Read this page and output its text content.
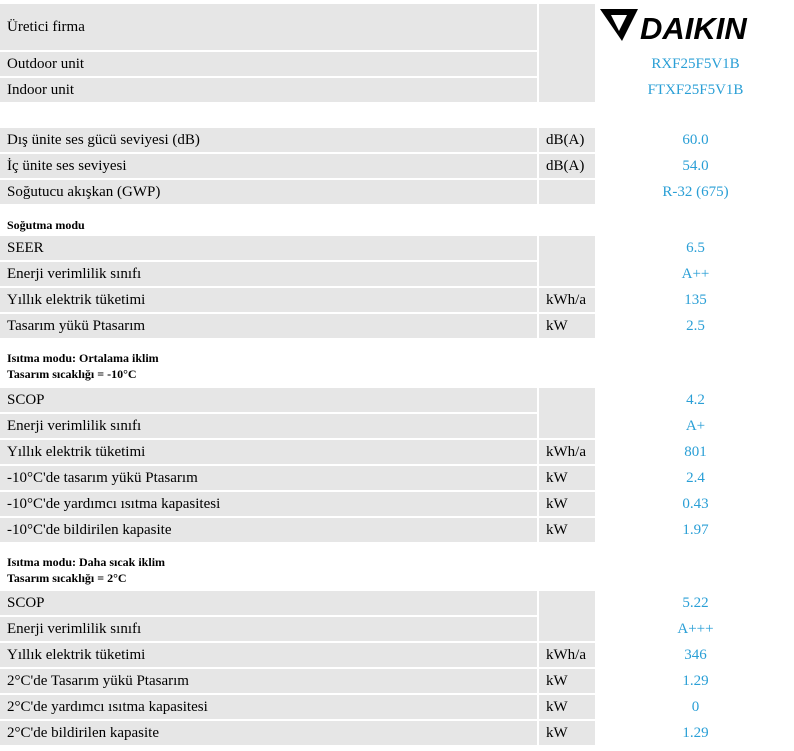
Üretici firma	DAIKIN
Outdoor unit	RXF25F5V1B
Indoor unit	FTXF25F5V1B
Dış ünite ses gücü seviyesi (dB)	dB(A)	60.0
İç ünite ses seviyesi	dB(A)	54.0
Soğutucu akışkan (GWP)	R-32 (675)
Soğutma modu
SEER	6.5
Enerji verimlilik sınıfı	A++
Yıllık elektrik tüketimi	kWh/a	135
Tasarım yükü Ptasarım	kW	2.5
Isıtma modu: Ortalama iklim
Tasarım sıcaklığı = -10°C
SCOP	4.2
Enerji verimlilik sınıfı	A+
Yıllık elektrik tüketimi	kWh/a	801
-10°C'de tasarım yükü Ptasarım	kW	2.4
-10°C'de yardımcı ısıtma kapasitesi	kW	0.43
-10°C'de bildirilen kapasite	kW	1.97
Isıtma modu: Daha sıcak iklim
Tasarım sıcaklığı = 2°C
SCOP	5.22
Enerji verimlilik sınıfı	A+++
Yıllık elektrik tüketimi	kWh/a	346
2°C'de Tasarım yükü Ptasarım	kW	1.29
2°C'de yardımcı ısıtma kapasitesi	kW	0
2°C'de bildirilen kapasite	kW	1.29
